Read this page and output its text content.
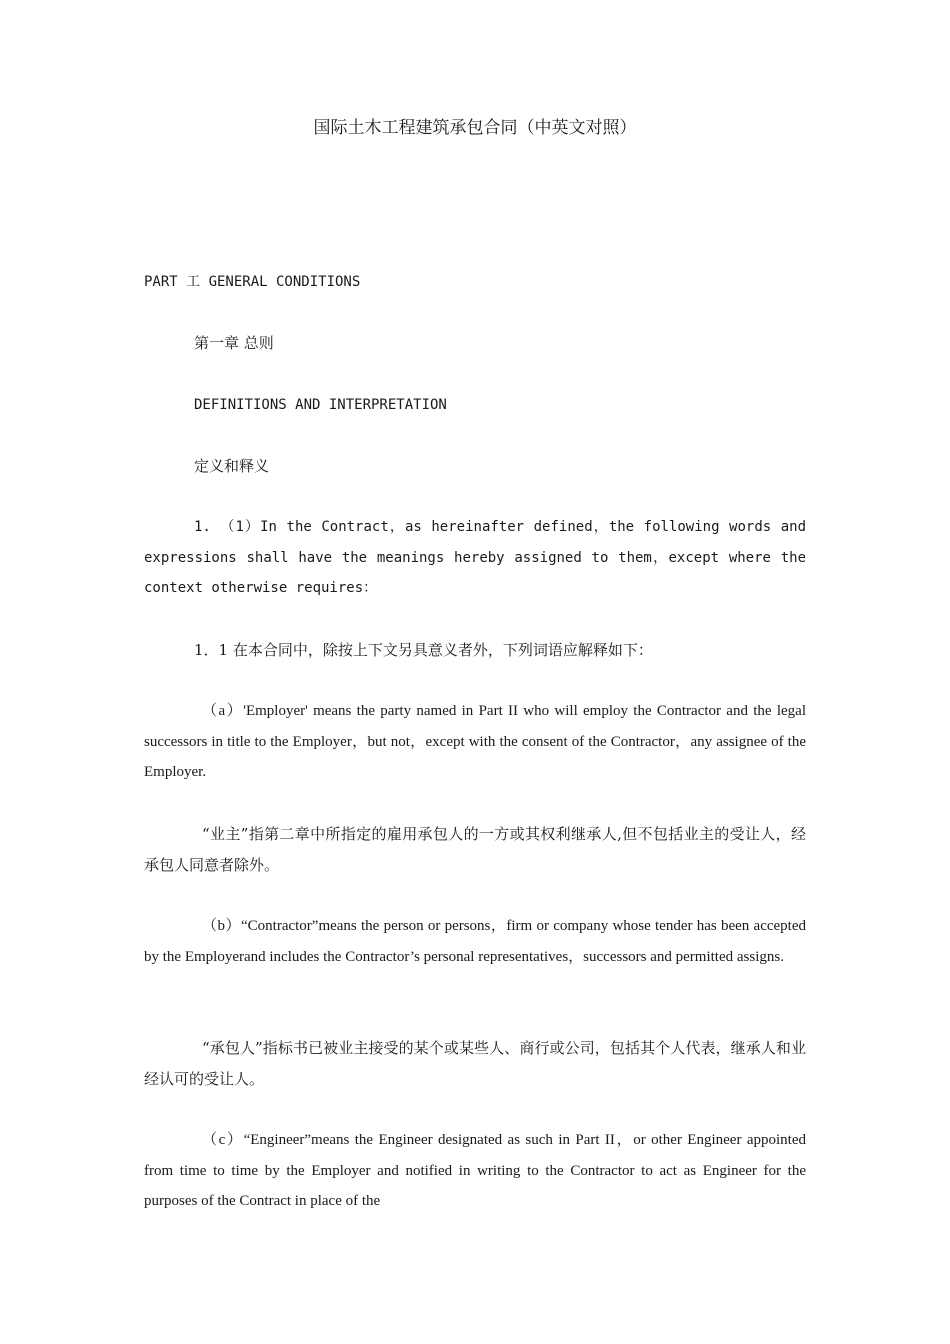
国际土木工程建筑承包合同（中英文对照）
PART 工 GENERAL CONDITIONS
第一章 总则
DEFINITIONS AND INTERPRETATION
定义和释义

1. （1）In the Contract，as hereinafter defined，the following words and expressions shall have the meanings hereby assigned to them，except where the context otherwise requires：

1．1 在本合同中，除按上下文另具意义者外，下列词语应解释如下：

（a）'Employer' means the party named in Part II who will employ the Contractor and the legal successors in title to the Employer，but not，except with the consent of the Contractor，any assignee of the Employer.

“业主”指第二章中所指定的雇用承包人的一方或其权利继承人,但不包括业主的受让人，经承包人同意者除外。

（b）“Contractor”means the person or persons，firm or company whose tender has been accepted by the Employerand includes the Contractor’s personal representatives，successors and permitted assigns.

“承包人”指标书已被业主接受的某个或某些人、商行或公司，包括其个人代表，继承人和业经认可的受让人。

（c）“Engineer”means the Engineer designated as such in Part II，or other Engineer appointed from time to time by the Employer and notified in writing to the Contractor to act as Engineer for the purposes of the Contract in place of the
